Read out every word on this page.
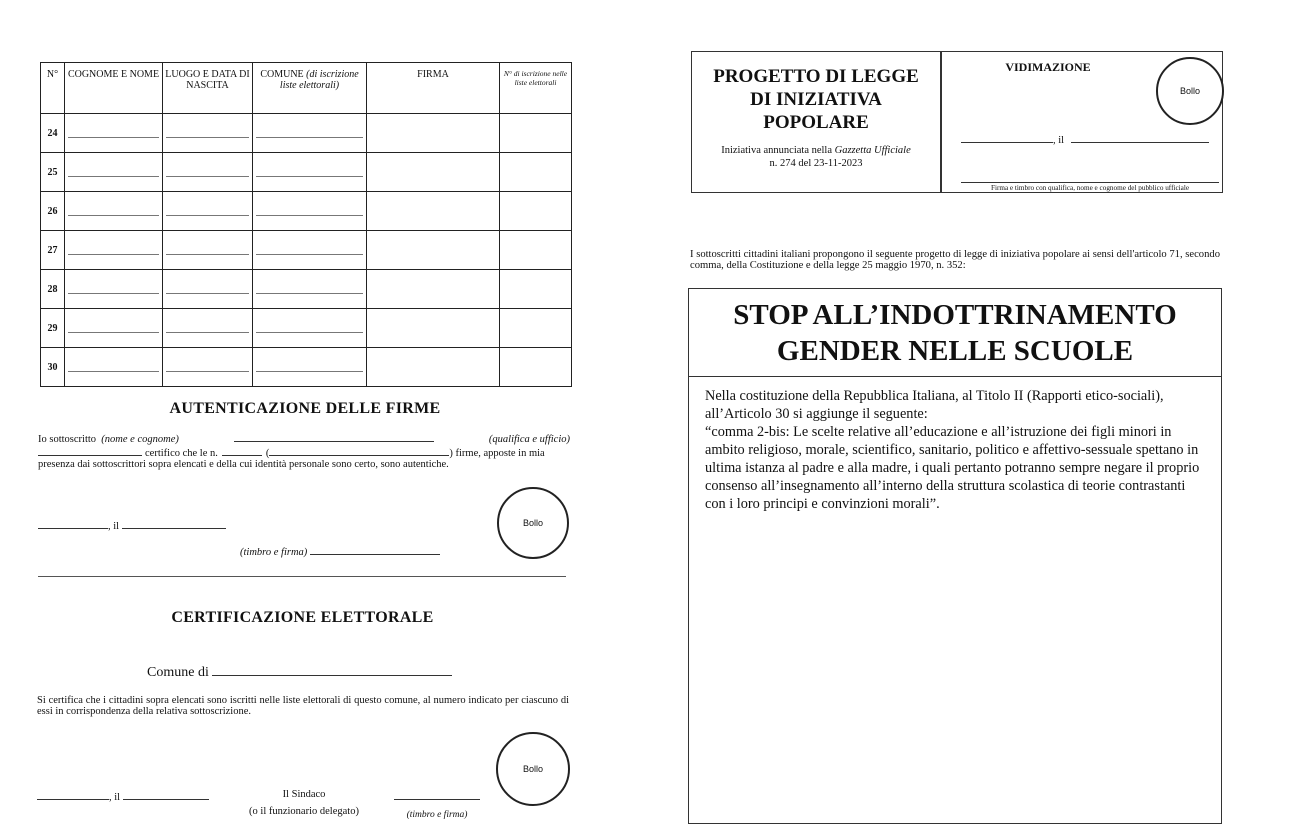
N°	COGNOME E NOME	LUOGO E DATA DI NASCITA	COMUNE (di iscrizione liste elettorali)	FIRMA	N° di iscrizione nelle liste elettorali
24	

25	

26	

27	

28	

29	

30	

AUTENTICAZIONE DELLE FIRME
Io sottoscritto (nome e cognome)	(qualifica e ufficio)
certifico che le n.	(	) firme, apposte in mia
presenza dai sottoscrittori sopra elencati e della cui identità personale sono certo, sono autentiche.
, il
(timbro e firma)
Bollo
CERTIFICAZIONE ELETTORALE
Comune di
Si certifica che i cittadini sopra elencati sono iscritti nelle liste elettorali di questo comune, al numero indicato per ciascuno di essi in corrispondenza della relativa sottoscrizione.
Bollo
, il	Il Sindaco
(o il funzionario delegato)	(timbro e firma)
PROGETTO DI LEGGE DI INIZIATIVA POPOLARE
Iniziativa annunciata nella Gazzetta Ufficiale
n. 274 del 23-11-2023
VIDIMAZIONE
Bollo
, il
Firma e timbro con qualifica, nome e cognome del pubblico ufficiale
I sottoscritti cittadini italiani propongono il seguente progetto di legge di iniziativa popolare ai sensi dell'articolo 71, secondo comma, della Costituzione e della legge 25 maggio 1970, n. 352:
STOP ALL’INDOTTRINAMENTO
GENDER NELLE SCUOLE
Nella costituzione della Repubblica Italiana, al Titolo II (Rapporti etico-sociali), all’Articolo 30 si aggiunge il seguente:
“comma 2-bis: Le scelte relative all’educazione e all’istruzione dei figli minori in ambito religioso, morale, scientifico, sanitario, politico e affettivo-sessuale spettano in ultima istanza al padre e alla madre, i quali pertanto potranno sempre negare il proprio consenso all’insegnamento all’interno della struttura scolastica di teorie contrastanti con i loro principi e convinzioni morali”.
